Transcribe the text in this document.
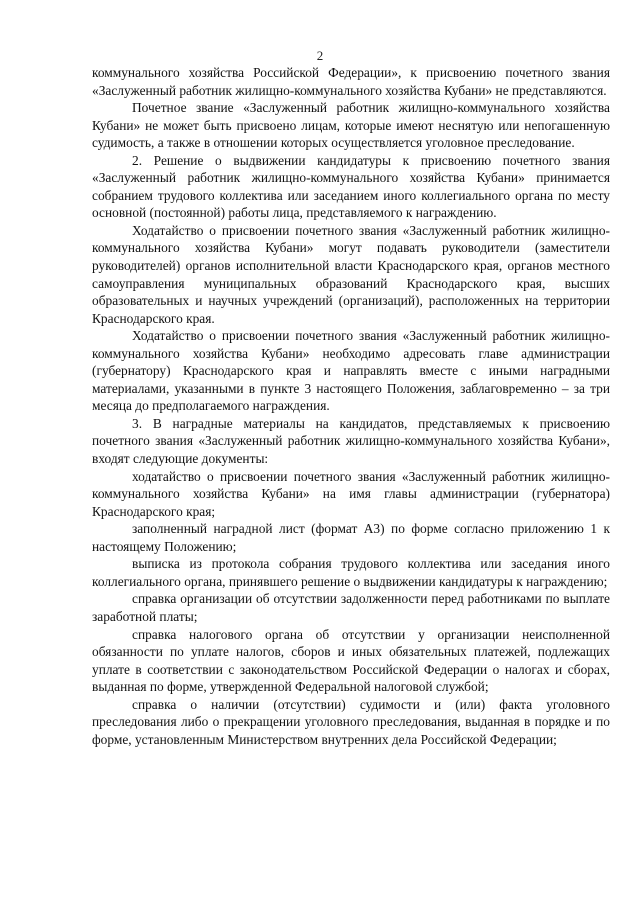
2

коммунального хозяйства Российской Федерации», к присвоению почетного звания «Заслуженный работник жилищно-коммунального хозяйства Кубани» не представляются.

Почетное звание «Заслуженный работник жилищно-коммунального хозяйства Кубани» не может быть присвоено лицам, которые имеют неснятую или непогашенную судимость, а также в отношении которых осуществляется уголовное преследование.

2. Решение о выдвижении кандидатуры к присвоению почетного звания «Заслуженный работник жилищно-коммунального хозяйства Кубани» принимается собранием трудового коллектива или заседанием иного коллегиального органа по месту основной (постоянной) работы лица, представляемого к награждению.

Ходатайство о присвоении почетного звания «Заслуженный работник жилищно-коммунального хозяйства Кубани» могут подавать руководители (заместители руководителей) органов исполнительной власти Краснодарского края, органов местного самоуправления муниципальных образований Краснодарского края, высших образовательных и научных учреждений (организаций), расположенных на территории Краснодарского края.

Ходатайство о присвоении почетного звания «Заслуженный работник жилищно-коммунального хозяйства Кубани» необходимо адресовать главе администрации (губернатору) Краснодарского края и направлять вместе с иными наградными материалами, указанными в пункте 3 настоящего Положения, заблаговременно – за три месяца до предполагаемого награждения.

3. В наградные материалы на кандидатов, представляемых к присвоению почетного звания «Заслуженный работник жилищно-коммунального хозяйства Кубани», входят следующие документы:

ходатайство о присвоении почетного звания «Заслуженный работник жилищно-коммунального хозяйства Кубани» на имя главы администрации (губернатора) Краснодарского края;

заполненный наградной лист (формат А3) по форме согласно приложению 1 к настоящему Положению;

выписка из протокола собрания трудового коллектива или заседания иного коллегиального органа, принявшего решение о выдвижении кандидатуры к награждению;

справка организации об отсутствии задолженности перед работниками по выплате заработной платы;

справка налогового органа об отсутствии у организации неисполненной обязанности по уплате налогов, сборов и иных обязательных платежей, подлежащих уплате в соответствии с законодательством Российской Федерации о налогах и сборах, выданная по форме, утвержденной Федеральной налоговой службой;

справка о наличии (отсутствии) судимости и (или) факта уголовного преследования либо о прекращении уголовного преследования, выданная в порядке и по форме, установленным Министерством внутренних дела Российской Федерации;
